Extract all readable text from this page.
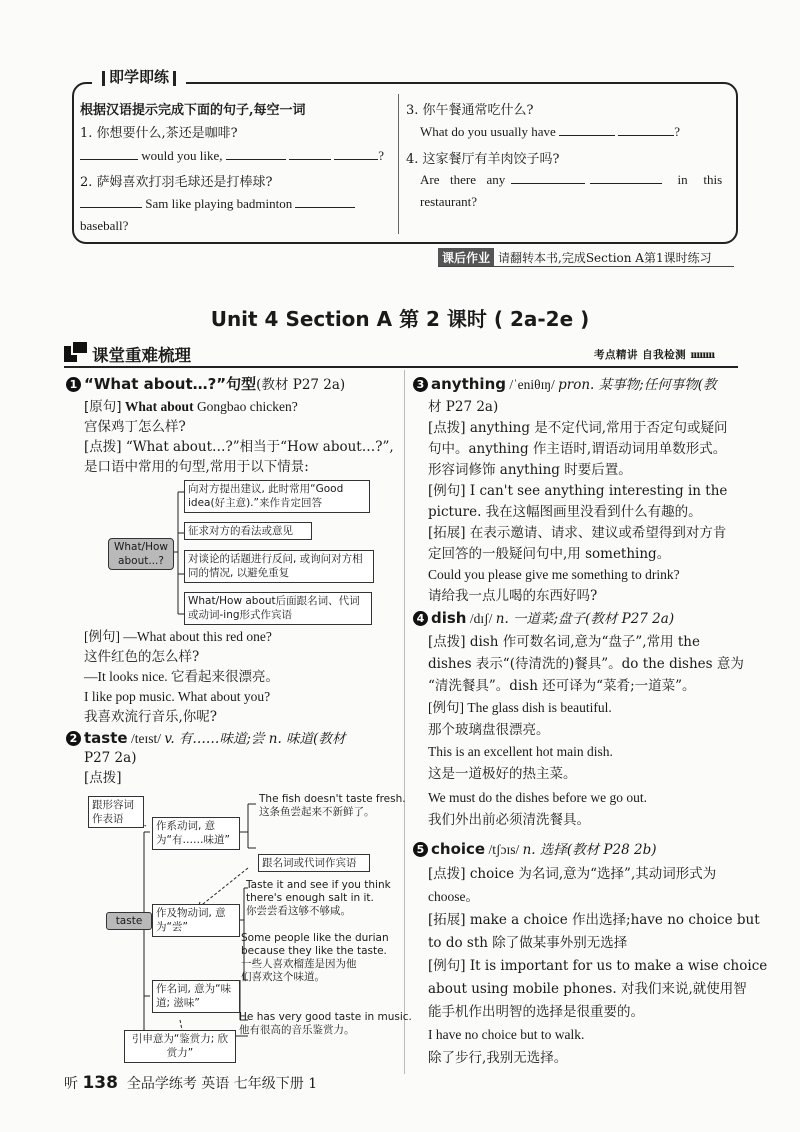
即学即练
根据汉语提示完成下面的句子,每空一词
1. 你想要什么,茶还是咖啡?
would you like,	?
2. 萨姆喜欢打羽毛球还是打棒球?
Sam like playing badminton
baseball?
3. 你午餐通常吃什么?
What do you usually have	?
4. 这家餐厅有羊肉饺子吗?
Are there any	in this
restaurant?
课后作业 请翻转本书,完成Section A第1课时练习
Unit 4 Section A 第 2 课时 ( 2a-2e )
课堂重难梳理	考点精讲 自我检测 ıııııııı
1 “What about…?”句型(教材 P27 2a)
[原句] What about Gongbao chicken?
宫保鸡丁怎么样?
[点拨] “What about…?”相当于“How about…?”,
是口语中常用的句型,常用于以下情景:
What/How about...?
向对方提出建议, 此时常用“Good idea(好主意).”来作肯定回答
征求对方的看法或意见
对谈论的话题进行反问, 或询问对方相同的情况, 以避免重复
What/How about后面跟名词、代词或动词-ing形式作宾语
[例句] —What about this red one?
这件红色的怎么样?
—It looks nice. 它看起来很漂亮。
I like pop music. What about you?
我喜欢流行音乐,你呢?
2 taste /teɪst/ v. 有……味道;尝 n. 味道(教材
P27 2a)
[点拨]
跟形容词作表语
taste
作系动词, 意为“有……味道”
作及物动词, 意为“尝”
作名词, 意为“味道; 滋味”
引申意为“鉴赏力; 欣赏力”
跟名词或代词作宾语
The fish doesn't taste fresh.
这条鱼尝起来不新鲜了。
Taste it and see if you think
there's enough salt in it.
你尝尝看这够不够咸。
Some people like the durian
because they like the taste.
一些人喜欢榴莲是因为他
们喜欢这个味道。
He has very good taste in music.
他有很高的音乐鉴赏力。
3 anything /ˈeniθɪŋ/ pron. 某事物;任何事物(教
材 P27 2a)
[点拨] anything 是不定代词,常用于否定句或疑问
句中。anything 作主语时,谓语动词用单数形式。
形容词修饰 anything 时要后置。
[例句] I can't see anything interesting in the
picture. 我在这幅图画里没看到什么有趣的。
[拓展] 在表示邀请、请求、建议或希望得到对方肯
定回答的一般疑问句中,用 something。
Could you please give me something to drink?
请给我一点儿喝的东西好吗?
4 dish /dɪʃ/ n. 一道菜;盘子(教材 P27 2a)
[点拨] dish 作可数名词,意为“盘子”,常用 the
dishes 表示“(待清洗的)餐具”。do the dishes 意为
“清洗餐具”。dish 还可译为“菜肴;一道菜”。
[例句] The glass dish is beautiful.
那个玻璃盘很漂亮。
This is an excellent hot main dish.
这是一道极好的热主菜。
We must do the dishes before we go out.
我们外出前必须清洗餐具。
5 choice /tʃɔɪs/ n. 选择(教材 P28 2b)
[点拨] choice 为名词,意为“选择”,其动词形式为
choose。
[拓展] make a choice 作出选择;have no choice but
to do sth 除了做某事外别无选择
[例句] It is important for us to make a wise choice
about using mobile phones. 对我们来说,就使用智
能手机作出明智的选择是很重要的。
I have no choice but to walk.
除了步行,我别无选择。
听 138 全品学练考 英语 七年级下册 1
